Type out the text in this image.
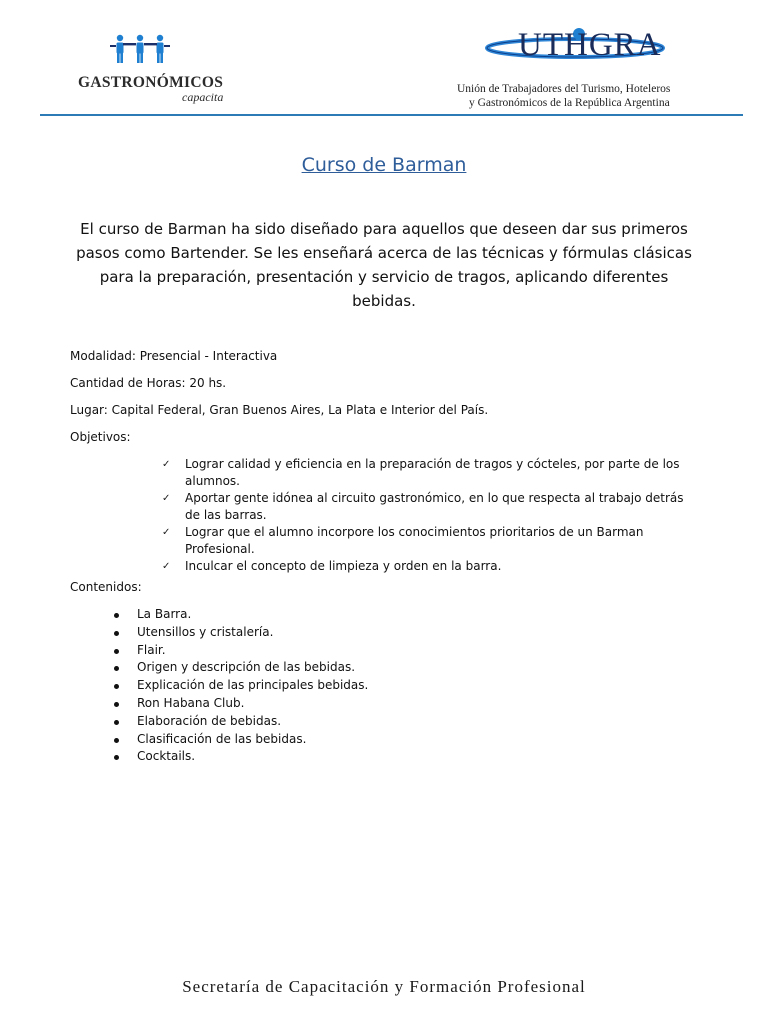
GASTRONÓMICOS
capacita
UTHGRA
Unión de Trabajadores del Turismo, Hoteleros
y Gastronómicos de la República Argentina
Curso de Barman
El curso de Barman ha sido diseñado para aquellos que deseen dar sus primeros pasos como Bartender. Se les enseñará acerca de las técnicas y fórmulas clásicas para la preparación, presentación y servicio de tragos, aplicando diferentes bebidas.
Modalidad: Presencial - Interactiva
Cantidad de Horas: 20 hs.
Lugar: Capital Federal, Gran Buenos Aires, La Plata e Interior del País.
Objetivos:
✓ Lograr calidad y eficiencia en la preparación de tragos y cócteles, por parte de los alumnos.
✓ Aportar gente idónea al circuito gastronómico, en lo que respecta al trabajo detrás de las barras.
✓ Lograr que el alumno incorpore los conocimientos prioritarios de un Barman Profesional.
✓ Inculcar el concepto de limpieza y orden en la barra.
Contenidos:
La Barra.
Utensillos y cristalería.
Flair.
Origen y descripción de las bebidas.
Explicación de las principales bebidas.
Ron Habana Club.
Elaboración de bebidas.
Clasificación de las bebidas.
Cocktails.
Secretaría de Capacitación y Formación Profesional
